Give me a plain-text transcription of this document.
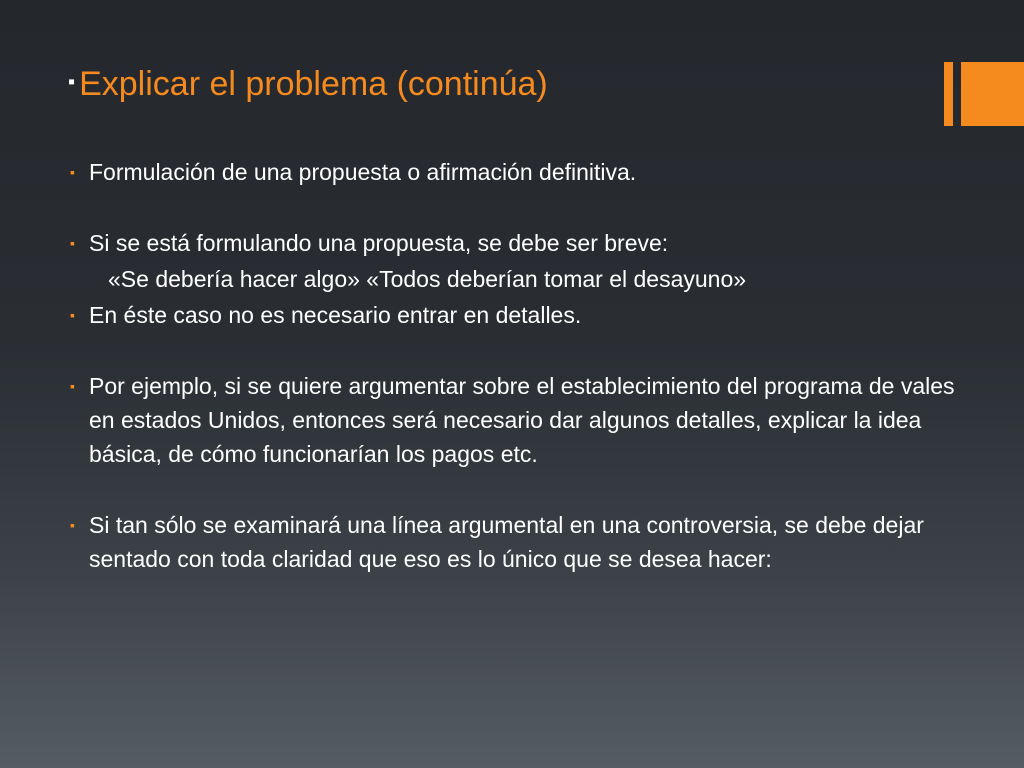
▪ Explicar el problema (continúa)
▪ Formulación de una propuesta o afirmación definitiva.
▪ Si se está formulando una propuesta, se debe ser breve:
«Se debería hacer algo» «Todos deberían tomar el desayuno»
▪ En éste caso no es necesario entrar en detalles.
▪ Por ejemplo, si se quiere argumentar sobre el establecimiento del programa de vales en estados Unidos, entonces será necesario dar algunos detalles, explicar la idea básica, de cómo funcionarían los pagos etc.
▪ Si tan sólo se examinará una línea argumental en una controversia, se debe dejar sentado con toda claridad que eso es lo único que se desea hacer:
